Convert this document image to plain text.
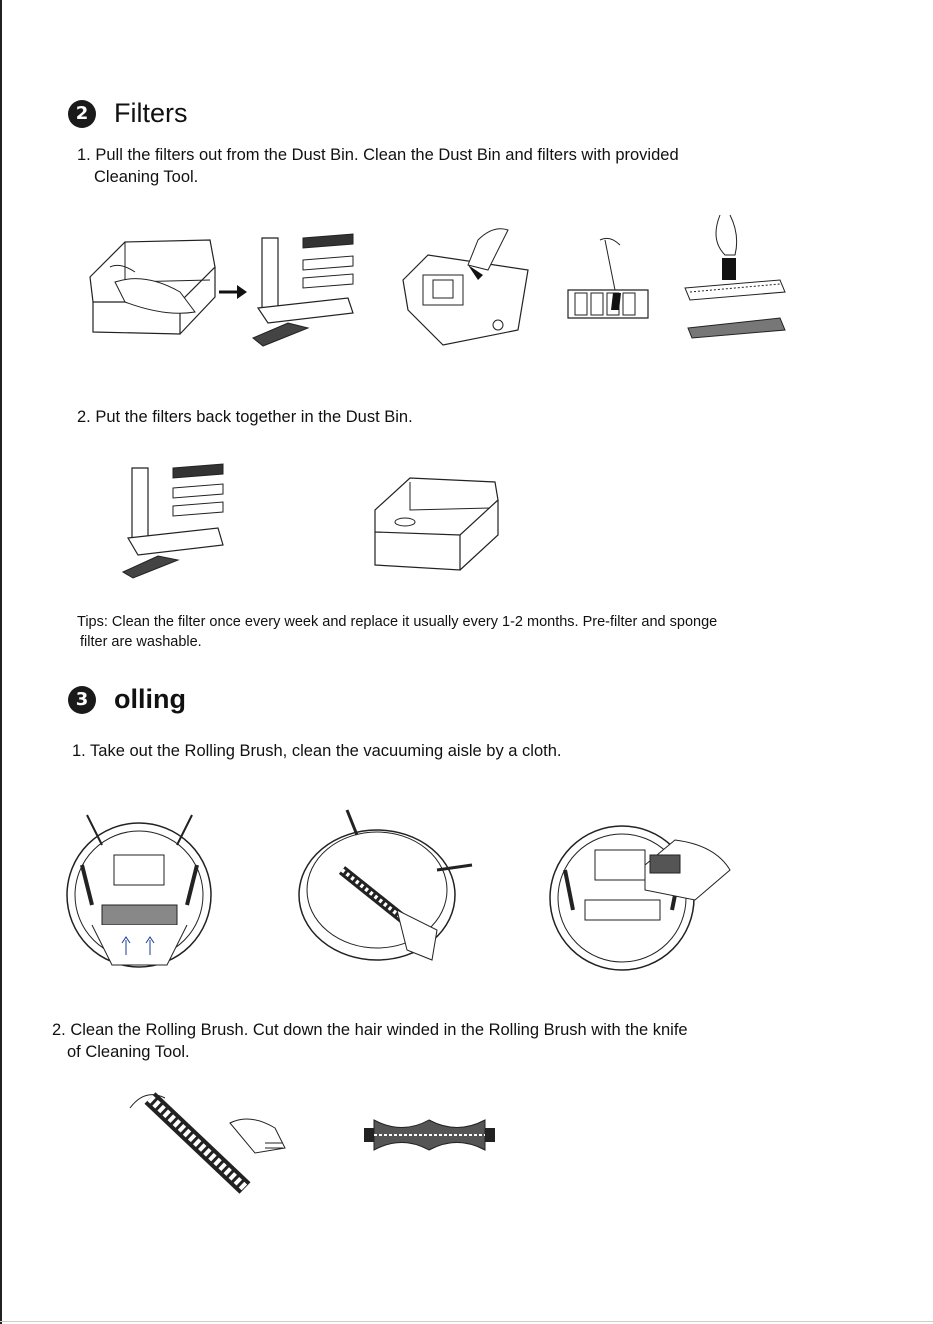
2 Filters
1. Pull the filters out from the Dust Bin. Clean the Dust Bin and filters with provided
Cleaning Tool.
2. Put the filters back together in the Dust Bin.
Tips: Clean the filter once every week and replace it usually every 1-2 months. Pre-filter and sponge
filter are washable.
3 olling
1. Take out the Rolling Brush, clean the vacuuming aisle by a cloth.
2. Clean the Rolling Brush. Cut down the hair winded in the Rolling Brush with the knife
of Cleaning Tool.
